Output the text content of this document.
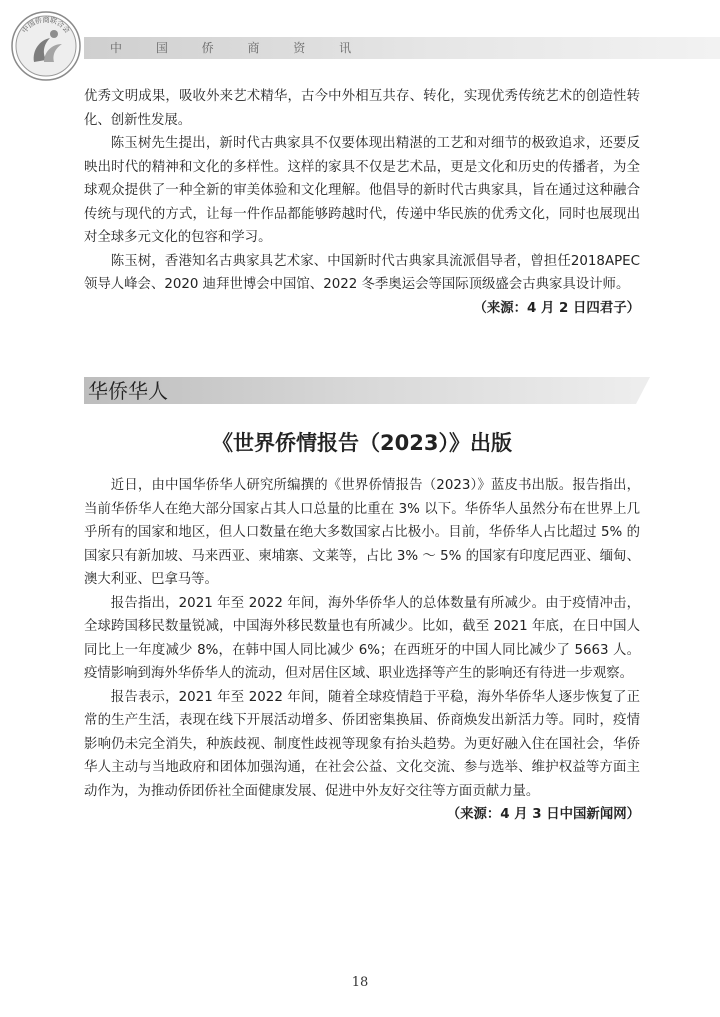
中 国 侨 商 资 讯
中国侨商联合会

优秀文明成果，吸收外来艺术精华，古今中外相互共存、转化，实现优秀传统艺术的创造性转化、创新性发展。

陈玉树先生提出，新时代古典家具不仅要体现出精湛的工艺和对细节的极致追求，还要反映出时代的精神和文化的多样性。这样的家具不仅是艺术品，更是文化和历史的传播者，为全球观众提供了一种全新的审美体验和文化理解。他倡导的新时代古典家具，旨在通过这种融合传统与现代的方式，让每一件作品都能够跨越时代，传递中华民族的优秀文化，同时也展现出对全球多元文化的包容和学习。

陈玉树，香港知名古典家具艺术家、中国新时代古典家具流派倡导者，曾担任2018APEC 领导人峰会、2020 迪拜世博会中国馆、2022 冬季奥运会等国际顶级盛会古典家具设计师。

（来源：4 月 2 日四君子）
华侨华人
《世界侨情报告（2023）》出版

近日，由中国华侨华人研究所编撰的《世界侨情报告（2023）》蓝皮书出版。报告指出，当前华侨华人在绝大部分国家占其人口总量的比重在 3% 以下。华侨华人虽然分布在世界上几乎所有的国家和地区，但人口数量在绝大多数国家占比极小。目前，华侨华人占比超过 5% 的国家只有新加坡、马来西亚、柬埔寨、文莱等，占比 3% ～ 5% 的国家有印度尼西亚、缅甸、澳大利亚、巴拿马等。

报告指出，2021 年至 2022 年间，海外华侨华人的总体数量有所减少。由于疫情冲击，全球跨国移民数量锐减，中国海外移民数量也有所减少。比如，截至 2021 年底，在日中国人同比上一年度减少 8%，在韩中国人同比减少 6%；在西班牙的中国人同比减少了 5663 人。疫情影响到海外华侨华人的流动，但对居住区域、职业选择等产生的影响还有待进一步观察。

报告表示，2021 年至 2022 年间，随着全球疫情趋于平稳，海外华侨华人逐步恢复了正常的生产生活，表现在线下开展活动增多、侨团密集换届、侨商焕发出新活力等。同时，疫情影响仍未完全消失，种族歧视、制度性歧视等现象有抬头趋势。为更好融入住在国社会，华侨华人主动与当地政府和团体加强沟通，在社会公益、文化交流、参与选举、维护权益等方面主动作为，为推动侨团侨社全面健康发展、促进中外友好交往等方面贡献力量。

（来源：4 月 3 日中国新闻网）
18
